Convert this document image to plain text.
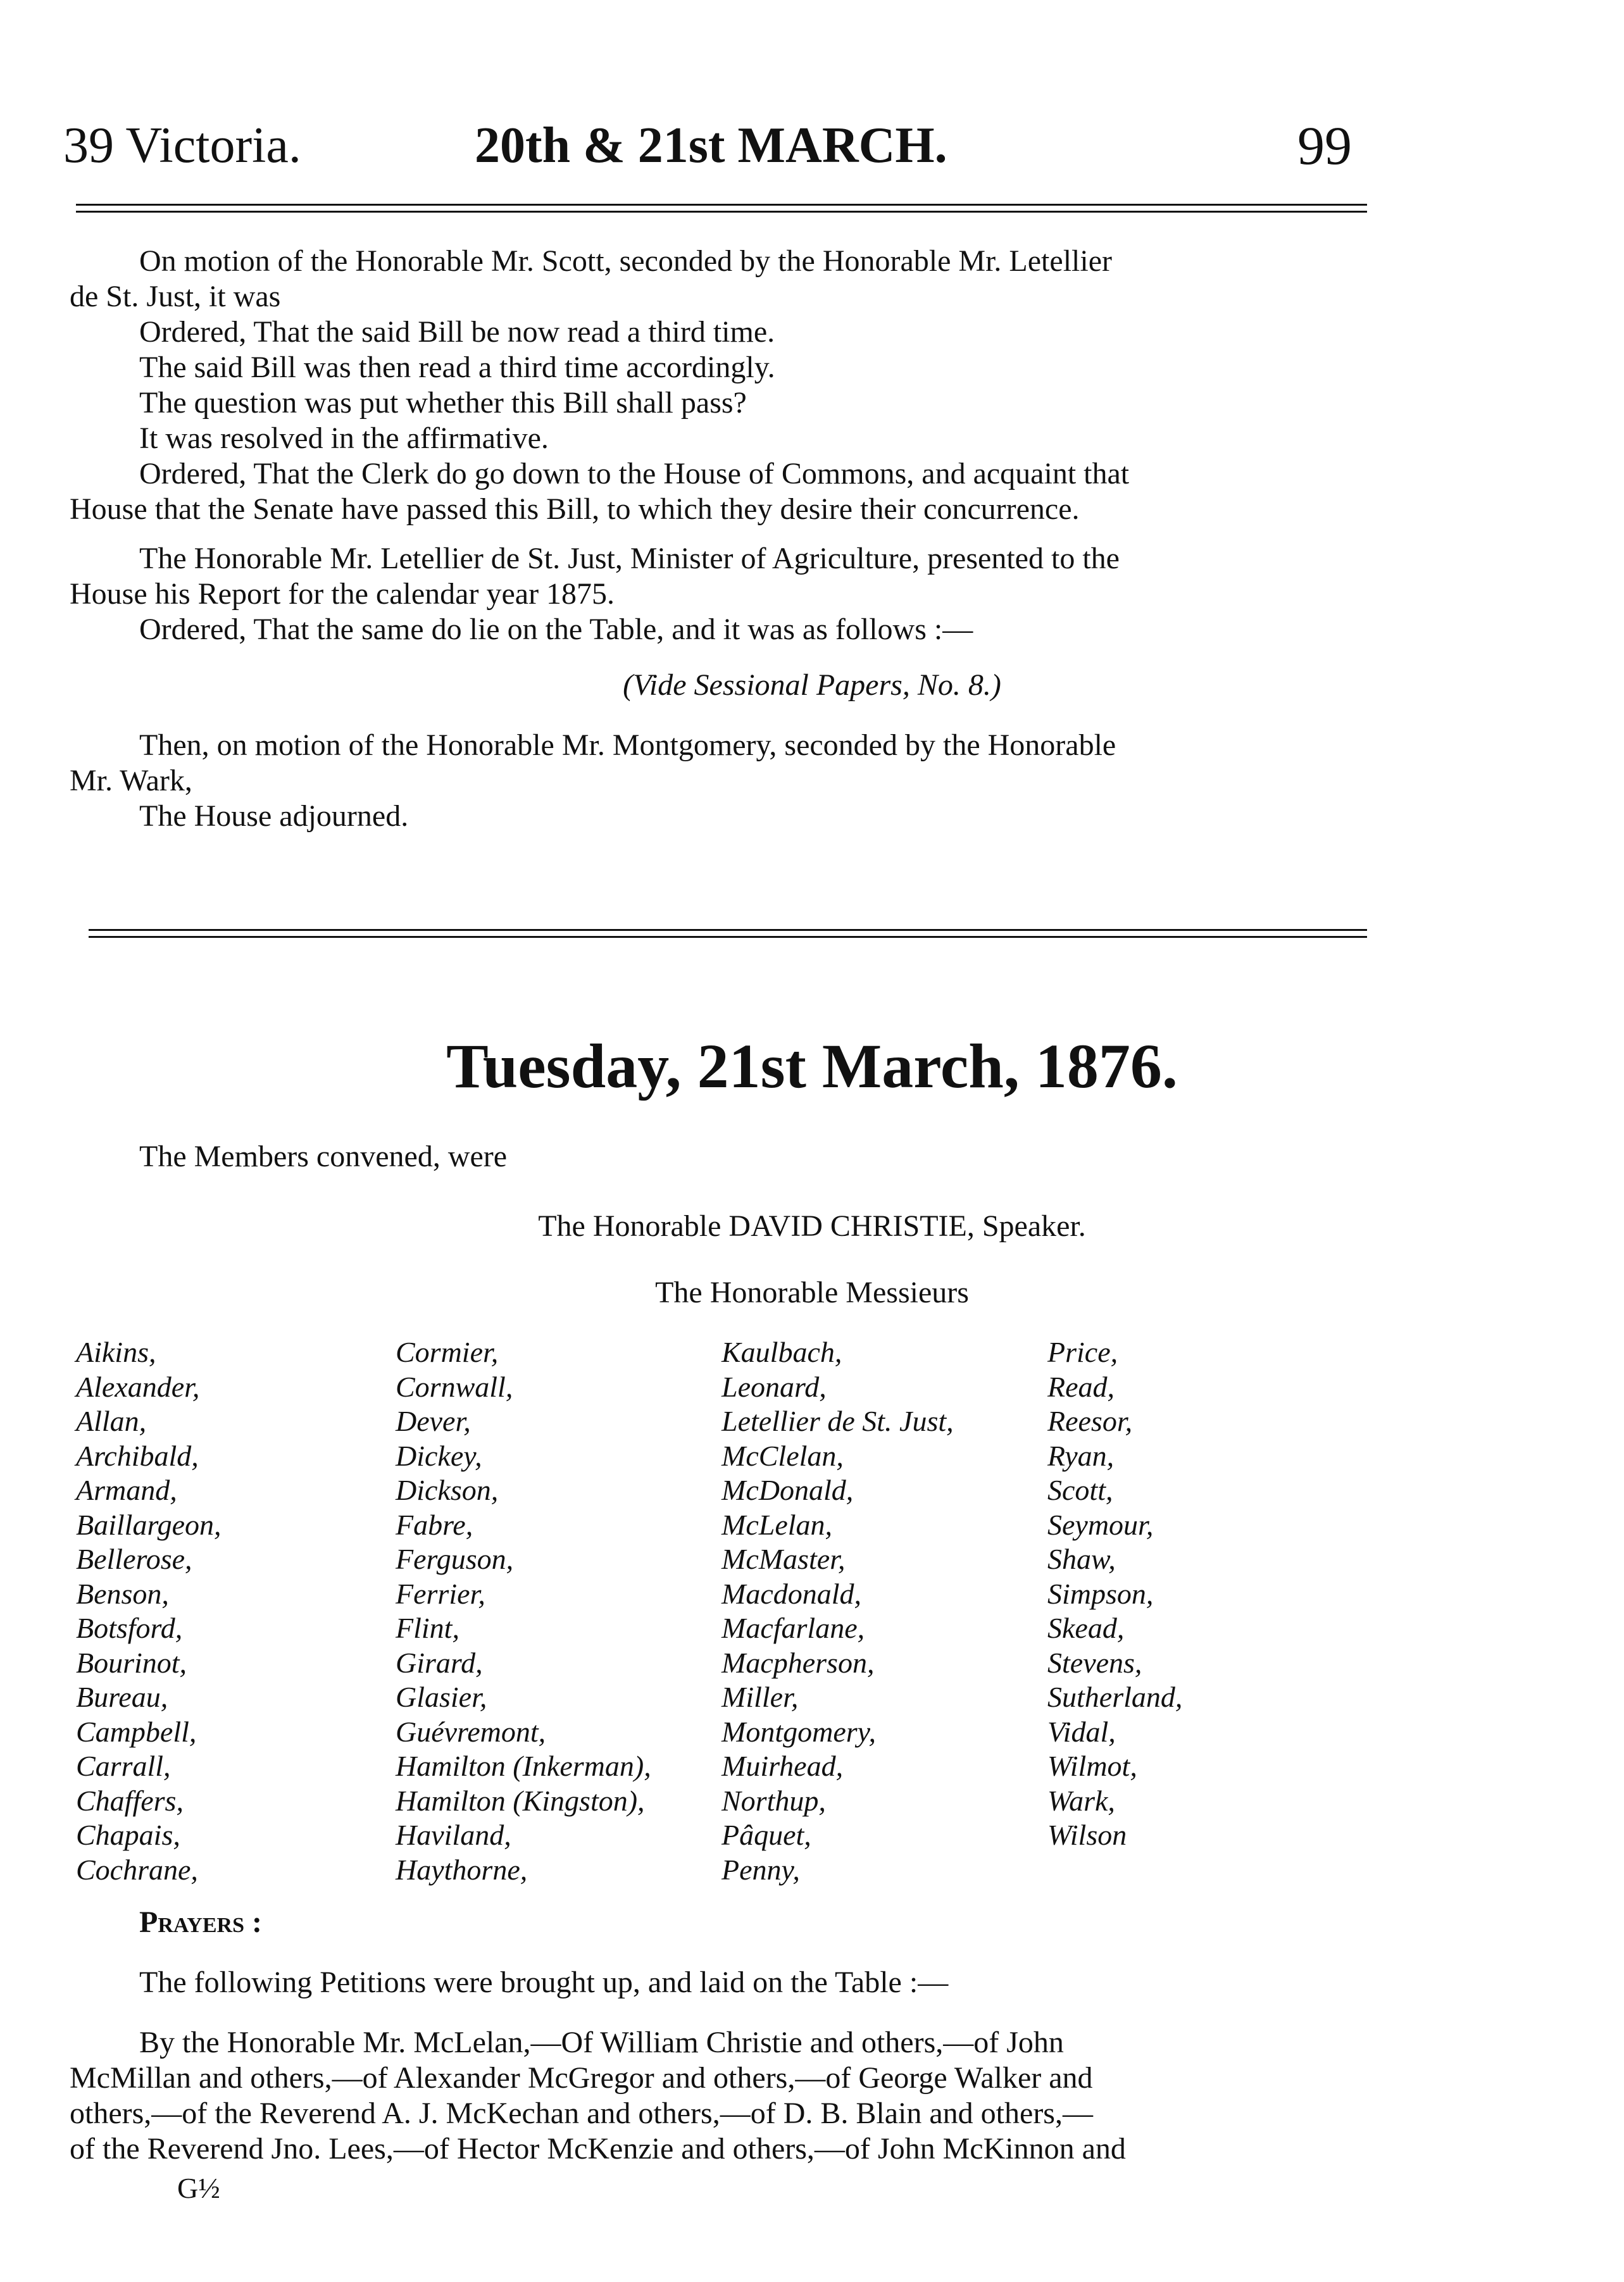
39 Victoria.	20th & 21st MARCH.	99
On motion of the Honorable Mr. Scott, seconded by the Honorable Mr. Letellier
de St. Just, it was
Ordered, That the said Bill be now read a third time.
The said Bill was then read a third time accordingly.
The question was put whether this Bill shall pass?
It was resolved in the affirmative.
Ordered, That the Clerk do go down to the House of Commons, and acquaint that
House that the Senate have passed this Bill, to which they desire their concurrence.
The Honorable Mr. Letellier de St. Just, Minister of Agriculture, presented to the
House his Report for the calendar year 1875.
Ordered, That the same do lie on the Table, and it was as follows :—
(Vide Sessional Papers, No. 8.)
Then, on motion of the Honorable Mr. Montgomery, seconded by the Honorable
Mr. Wark,
The House adjourned.
Tuesday, 21st March, 1876.
The Members convened, were
The Honorable DAVID CHRISTIE, Speaker.
The Honorable Messieurs
Aikins,
Alexander,
Allan,
Archibald,
Armand,
Baillargeon,
Bellerose,
Benson,
Botsford,
Bourinot,
Bureau,
Campbell,
Carrall,
Chaffers,
Chapais,
Cochrane,
Cormier,
Cornwall,
Dever,
Dickey,
Dickson,
Fabre,
Ferguson,
Ferrier,
Flint,
Girard,
Glasier,
Guévremont,
Hamilton (Inkerman),
Hamilton (Kingston),
Haviland,
Haythorne,
Kaulbach,
Leonard,
Letellier de St. Just,
McClelan,
McDonald,
McLelan,
McMaster,
Macdonald,
Macfarlane,
Macpherson,
Miller,
Montgomery,
Muirhead,
Northup,
Pâquet,
Penny,
Price,
Read,
Reesor,
Ryan,
Scott,
Seymour,
Shaw,
Simpson,
Skead,
Stevens,
Sutherland,
Vidal,
Wilmot,
Wark,
Wilson
Prayers :
The following Petitions were brought up, and laid on the Table :—
By the Honorable Mr. McLelan,—Of William Christie and others,—of John
McMillan and others,—of Alexander McGregor and others,—of George Walker and
others,—of the Reverend A. J. McKechan and others,—of D. B. Blain and others,—
of the Reverend Jno. Lees,—of Hector McKenzie and others,—of John McKinnon and
G½
